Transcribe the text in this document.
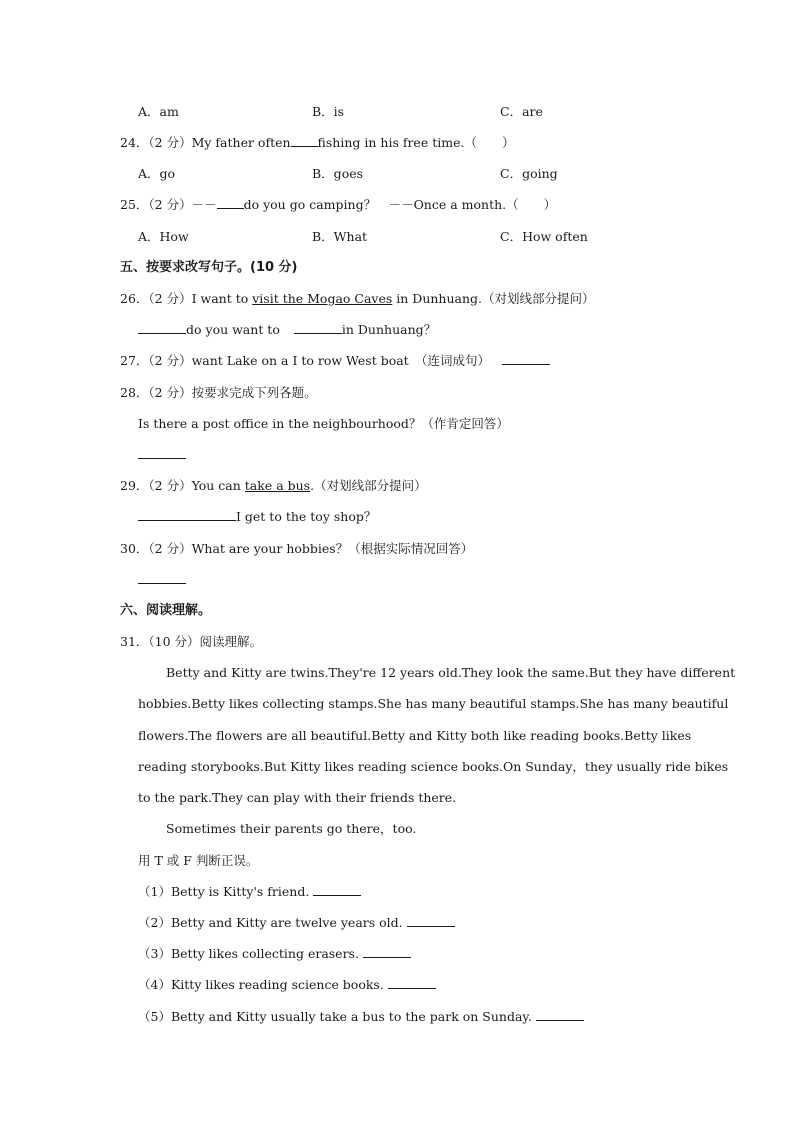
A．am	B．is	C．are
24．（2 分）My father often fishing in his free time.（　　）
A．go	B．goes	C．going
25．（2 分）－－ do you go camping？　－－Once a month.（　　）
A．How	B．What	C．How often
五、按要求改写句子。(10 分)
26．（2 分）I want to visit the Mogao Caves in Dunhuang.（对划线部分提问）
do you want to	in Dunhuang？
27．（2 分）want Lake on a I to row West boat　（连词成句）
28．（2 分）按要求完成下列各题。
Is there a post office in the neighbourhood？（作肯定回答）
29．（2 分）You can take a bus.（对划线部分提问）
I get to the toy shop？
30．（2 分）What are your hobbies？（根据实际情况回答）
六、阅读理解。
31．（10 分）阅读理解。
Betty and Kitty are twins.They're 12 years old.They look the same.But they have different
hobbies.Betty likes collecting stamps.She has many beautiful stamps.She has many beautiful
flowers.The flowers are all beautiful.Betty and Kitty both like reading books.Betty likes
reading storybooks.But Kitty likes reading science books.On Sunday，they usually ride bikes
to the park.They can play with their friends there.
Sometimes their parents go there，too.
用 T 或 F 判断正误。
（1）Betty is Kitty's friend.
（2）Betty and Kitty are twelve years old.
（3）Betty likes collecting erasers.
（4）Kitty likes reading science books.
（5）Betty and Kitty usually take a bus to the park on Sunday.
